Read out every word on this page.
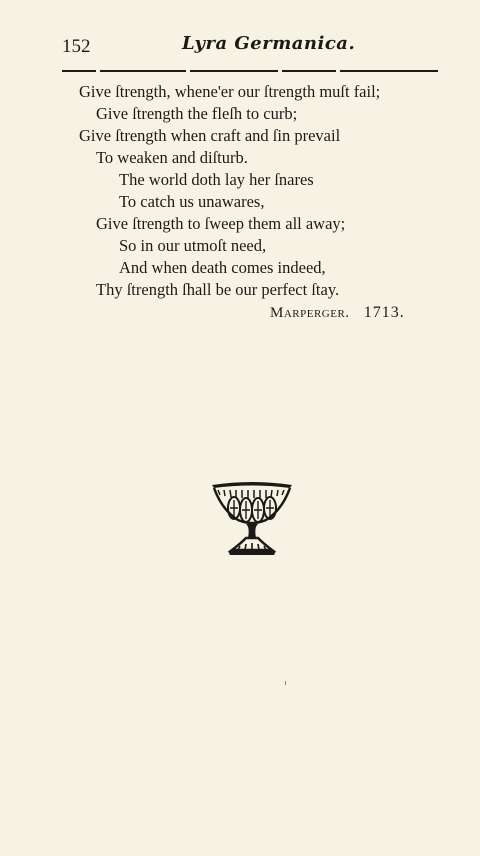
152	Lyra Germanica.
Give ſtrength, whene'er our ſtrength muſt fail;
Give ſtrength the fleſh to curb;
Give ſtrength when craft and ſin prevail
To weaken and diſturb.
The world doth lay her ſnares
To catch us unawares,
Give ſtrength to ſweep them all away;
So in our utmoſt need,
And when death comes indeed,
Thy ſtrength ſhall be our perfect ſtay.
Marperger. 1713.
